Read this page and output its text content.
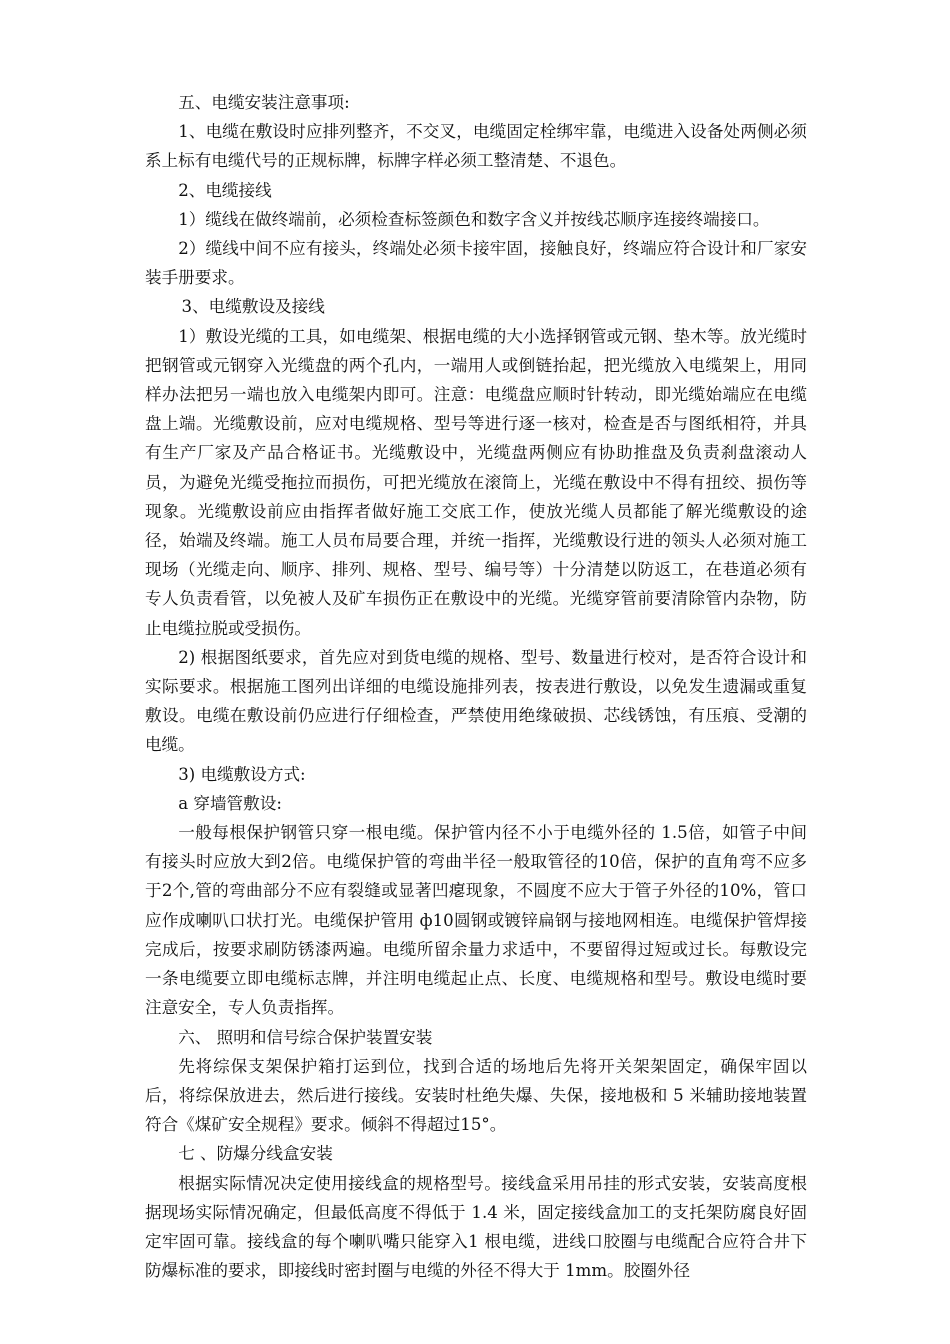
五、电缆安装注意事项:

1、电缆在敷设时应排列整齐，不交叉，电缆固定栓绑牢靠，电缆进入设备处两侧必须系上标有电缆代号的正规标牌，标牌字样必须工整清楚、不退色。

2、电缆接线

1）缆线在做终端前，必须检查标签颜色和数字含义并按线芯顺序连接终端接口。

2）缆线中间不应有接头，终端处必须卡接牢固，接触良好，终端应符合设计和厂家安装手册要求。

3、电缆敷设及接线

1）敷设光缆的工具，如电缆架、根据电缆的大小选择钢管或元钢、垫木等。放光缆时把钢管或元钢穿入光缆盘的两个孔内，一端用人或倒链抬起，把光缆放入电缆架上，用同样办法把另一端也放入电缆架内即可。注意：电缆盘应顺时针转动，即光缆始端应在电缆盘上端。光缆敷设前，应对电缆规格、型号等进行逐一核对，检查是否与图纸相符，并具有生产厂家及产品合格证书。光缆敷设中，光缆盘两侧应有协助推盘及负责刹盘滚动人员，为避免光缆受拖拉而损伤，可把光缆放在滚筒上，光缆在敷设中不得有扭绞、损伤等现象。光缆敷设前应由指挥者做好施工交底工作，使放光缆人员都能了解光缆敷设的途径，始端及终端。施工人员布局要合理，并统一指挥，光缆敷设行进的领头人必须对施工现场（光缆走向、顺序、排列、规格、型号、编号等）十分清楚以防返工，在巷道必须有专人负责看管，以免被人及矿车损伤正在敷设中的光缆。光缆穿管前要清除管内杂物，防止电缆拉脱或受损伤。

2) 根据图纸要求，首先应对到货电缆的规格、型号、数量进行校对，是否符合设计和实际要求。根据施工图列出详细的电缆设施排列表，按表进行敷设，以免发生遗漏或重复敷设。电缆在敷设前仍应进行仔细检查，严禁使用绝缘破损、芯线锈蚀，有压痕、受潮的电缆。

3) 电缆敷设方式:

a 穿墙管敷设:

一般每根保护钢管只穿一根电缆。保护管内径不小于电缆外径的 1.5倍，如管子中间有接头时应放大到2倍。电缆保护管的弯曲半径一般取管径的10倍，保护的直角弯不应多于2个,管的弯曲部分不应有裂缝或显著凹瘪现象，不圆度不应大于管子外径的10%，管口应作成喇叭口状打光。电缆保护管用 ф10圆钢或镀锌扁钢与接地网相连。电缆保护管焊接完成后，按要求刷防锈漆两遍。电缆所留余量力求适中，不要留得过短或过长。每敷设完一条电缆要立即电缆标志牌，并注明电缆起止点、长度、电缆规格和型号。敷设电缆时要注意安全，专人负责指挥。

六、 照明和信号综合保护装置安装

先将综保支架保护箱打运到位，找到合适的场地后先将开关架架固定，确保牢固以后，将综保放进去，然后进行接线。安装时杜绝失爆、失保，接地极和 5 米辅助接地装置符合《煤矿安全规程》要求。倾斜不得超过15°。

七 、防爆分线盒安装

根据实际情况决定使用接线盒的规格型号。接线盒采用吊挂的形式安装，安装高度根据现场实际情况确定，但最低高度不得低于 1.4 米，固定接线盒加工的支托架防腐良好固定牢固可靠。接线盒的每个喇叭嘴只能穿入1 根电缆，进线口胶圈与电缆配合应符合井下防爆标准的要求，即接线时密封圈与电缆的外径不得大于 1mm。胶圈外径
